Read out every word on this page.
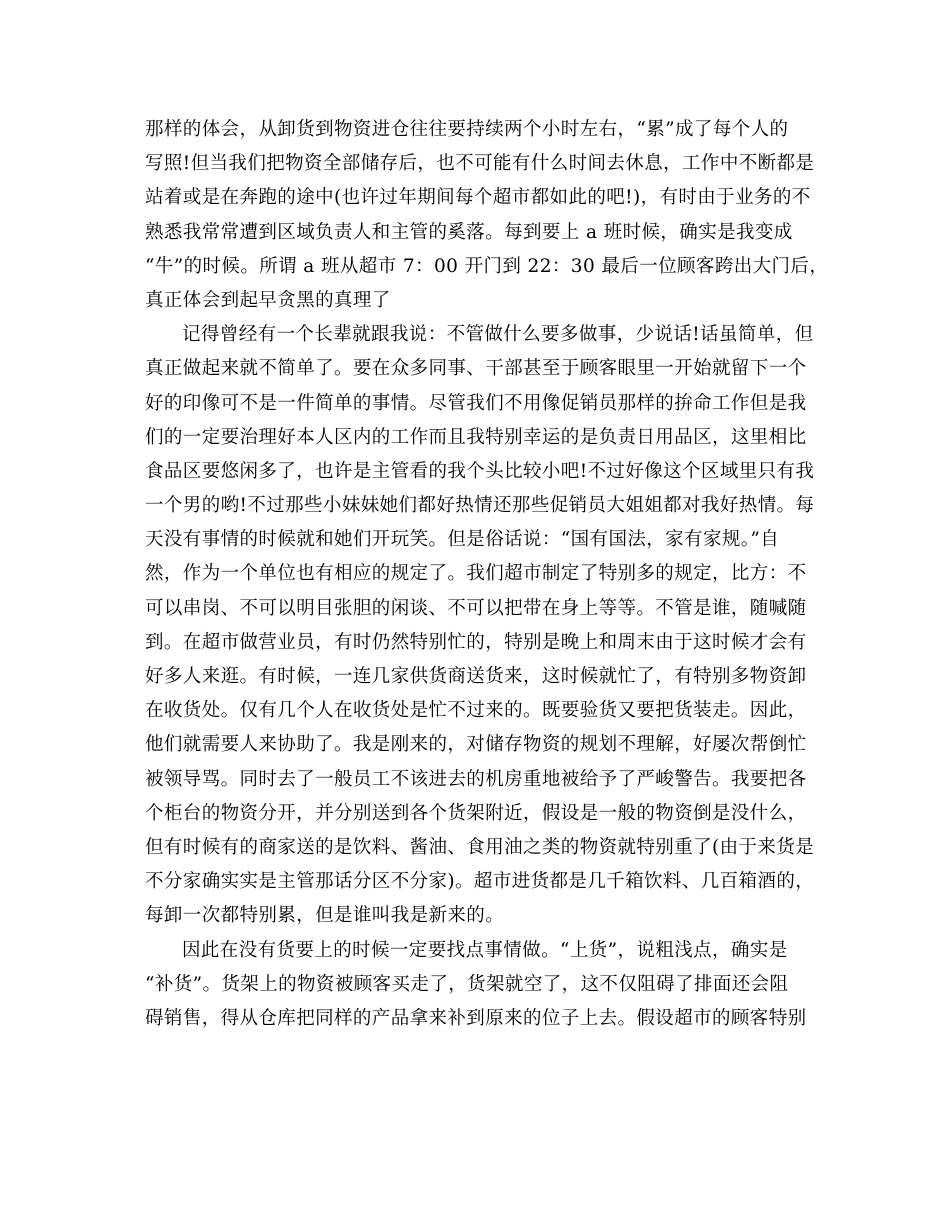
那样的体会，从卸货到物资进仓往往要持续两个小时左右，“累”成了每个人的
写照!但当我们把物资全部储存后，也不可能有什么时间去休息，工作中不断都是
站着或是在奔跑的途中(也许过年期间每个超市都如此的吧!)，有时由于业务的不
熟悉我常常遭到区域负责人和主管的奚落。每到要上 a 班时候，确实是我变成
“牛”的时候。所谓 a 班从超市 7：00 开门到 22：30 最后一位顾客跨出大门后，
真正体会到起早贪黑的真理了

记得曾经有一个长辈就跟我说：不管做什么要多做事，少说话!话虽简单，但
真正做起来就不简单了。要在众多同事、干部甚至于顾客眼里一开始就留下一个
好的印像可不是一件简单的事情。尽管我们不用像促销员那样的拚命工作但是我
们的一定要治理好本人区内的工作而且我特别幸运的是负责日用品区，这里相比
食品区要悠闲多了，也许是主管看的我个头比较小吧!不过好像这个区域里只有我
一个男的哟!不过那些小妹妹她们都好热情还那些促销员大姐姐都对我好热情。每
天没有事情的时候就和她们开玩笑。但是俗话说：“国有国法，家有家规。”自
然，作为一个单位也有相应的规定了。我们超市制定了特别多的规定，比方：不
可以串岗、不可以明目张胆的闲谈、不可以把带在身上等等。不管是谁，随喊随
到。在超市做营业员，有时仍然特别忙的，特别是晚上和周末由于这时候才会有
好多人来逛。有时候，一连几家供货商送货来，这时候就忙了，有特别多物资卸
在收货处。仅有几个人在收货处是忙不过来的。既要验货又要把货装走。因此，
他们就需要人来协助了。我是刚来的，对储存物资的规划不理解，好屡次帮倒忙
被领导骂。同时去了一般员工不该进去的机房重地被给予了严峻警告。我要把各
个柜台的物资分开，并分别送到各个货架附近，假设是一般的物资倒是没什么，
但有时候有的商家送的是饮料、酱油、食用油之类的物资就特别重了(由于来货是
不分家确实实是主管那话分区不分家)。超市进货都是几千箱饮料、几百箱酒的，
每卸一次都特别累，但是谁叫我是新来的。

因此在没有货要上的时候一定要找点事情做。“上货”，说粗浅点，确实是
“补货”。货架上的物资被顾客买走了，货架就空了，这不仅阻碍了排面还会阻
碍销售，得从仓库把同样的产品拿来补到原来的位子上去。假设超市的顾客特别
